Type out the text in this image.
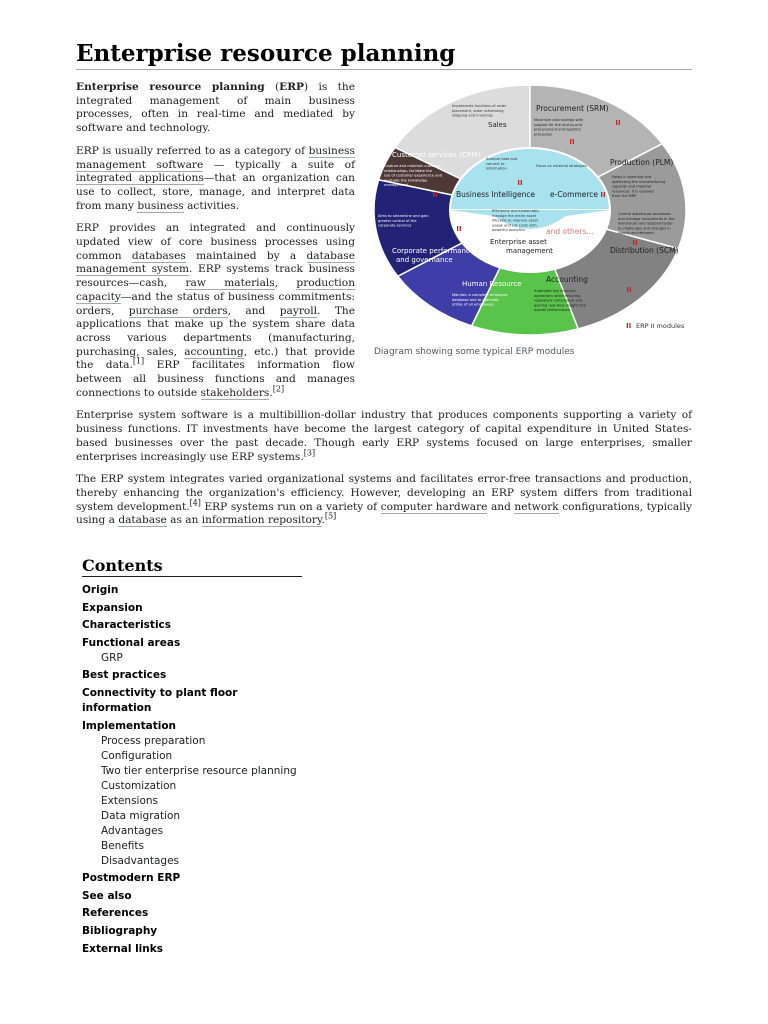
Enterprise resource planning
Implements functions of order placement, order scheduling, shipping and invoicing.
Sales
Procurement (SRM)
Maximize cost savings with support for the end-to-end procurement and logistics processes
Production (PLM)
Helps in planning and optimizing the manufacturing capacity and material resources. It is evolved from the MRP
Control warehouse processes and manage movements in the warehouse and respond faster to challenges and changes in supply and demand
Distribution (SCM)
Accounting
Automate key financial operations while ensuring regulatory compliance and gaining real-time insight into overall performance.
Human Resource
Maintain a complete employee database and to optimally utilise of all employees.
Aims to streamline and gain greater control of the corporate services
Corporate performance
and governance
Customer services (CRM)
Capture and maintain customer relationships, facilitate the use of customer experience and evaluate the knowledge management.
Analyze data and convert to information
Business Intelligence
Focus on external strategies
e-Commerce
Efficiently and sustainably manage the entire asset lifecycle to improve asset usage and cut costs with powerful analytics
Enterprise asset
management
and others...
II
II
II
II
II
II
II
II
II ERP II modules
Diagram showing some typical ERP modules

Enterprise resource planning (ERP) is the integrated management of main business processes, often in real-time and mediated by software and technology.

ERP is usually referred to as a category of business management software — typically a suite of integrated applications—that an organization can use to collect, store, manage, and interpret data from many business activities.

ERP provides an integrated and continuously updated view of core business processes using common databases maintained by a database management system. ERP systems track business resources—cash, raw materials, production capacity—and the status of business commitments: orders, purchase orders, and payroll. The applications that make up the system share data across various departments (manufacturing, purchasing, sales, accounting, etc.) that provide the data.[1] ERP facilitates information flow between all business functions and manages connections to outside stakeholders.[2]

Enterprise system software is a multibillion-dollar industry that produces components supporting a variety of business functions. IT investments have become the largest category of capital expenditure in United States-based businesses over the past decade. Though early ERP systems focused on large enterprises, smaller enterprises increasingly use ERP systems.[3]

The ERP system integrates varied organizational systems and facilitates error-free transactions and production, thereby enhancing the organization's efficiency. However, developing an ERP system differs from traditional system development.[4] ERP systems run on a variety of computer hardware and network configurations, typically using a database as an information repository.[5]

Contents
Origin
Expansion
Characteristics
Functional areas
GRP
Best practices
Connectivity to plant floor information
Implementation
Process preparation
Configuration
Two tier enterprise resource planning
Customization
Extensions
Data migration
Advantages
Benefits
Disadvantages
Postmodern ERP
See also
References
Bibliography
External links
